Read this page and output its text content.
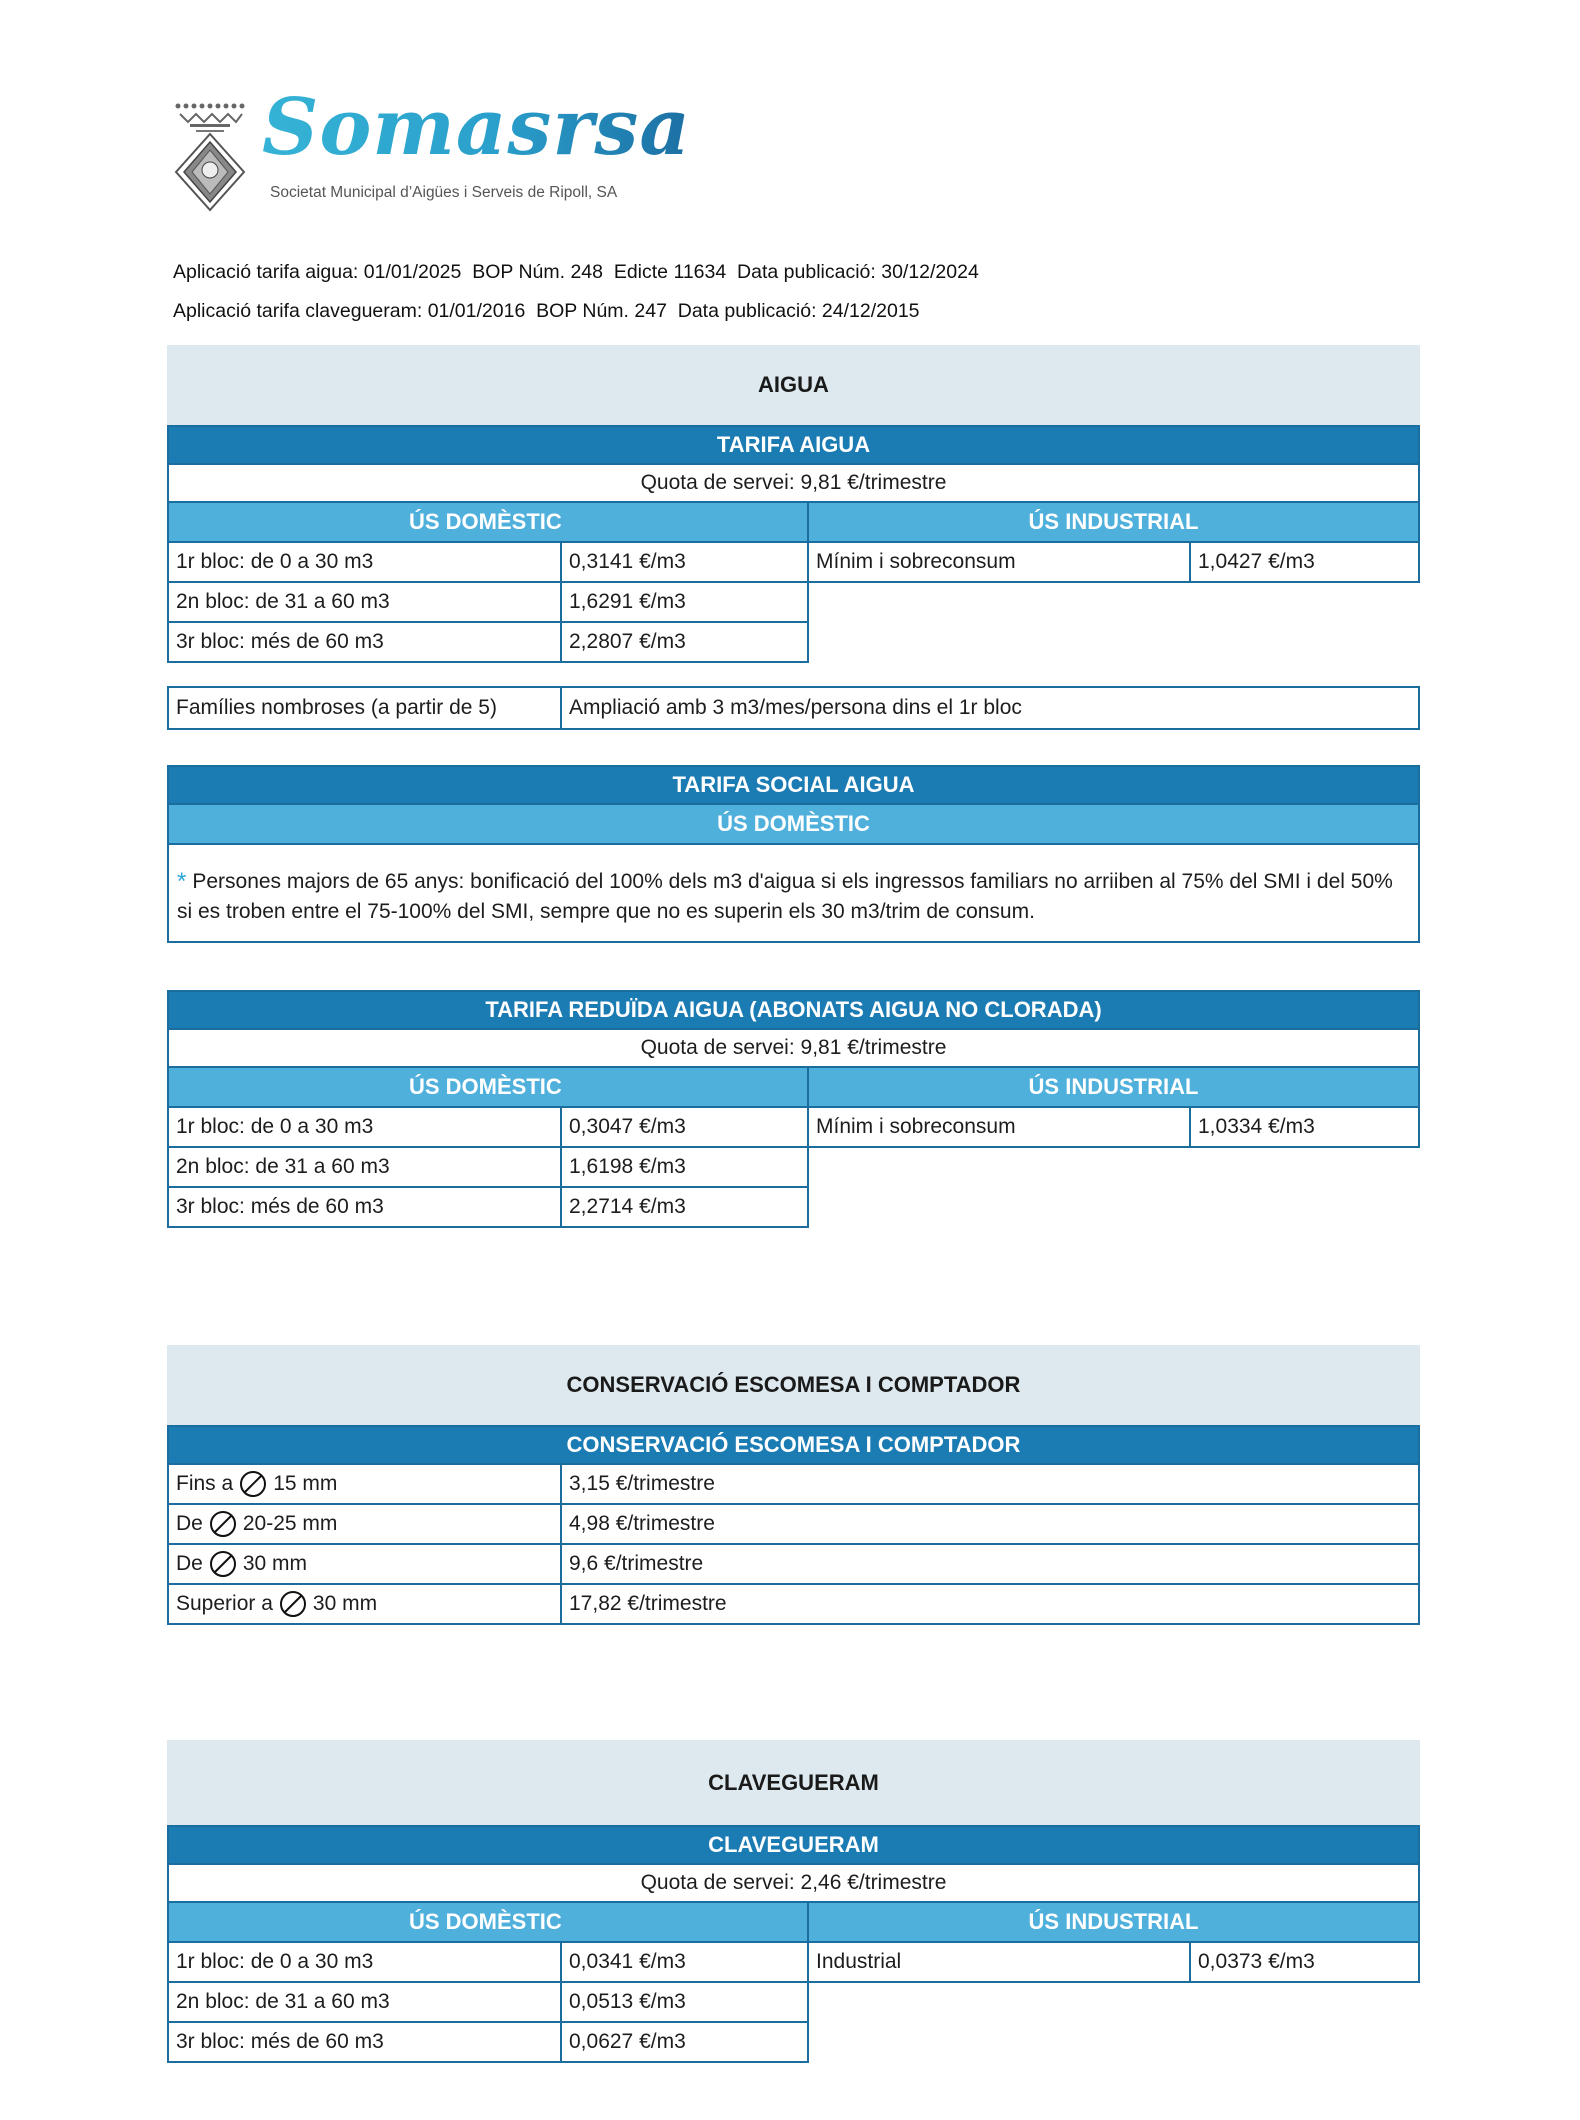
Somasrsa
Societat Municipal d’Aigües i Serveis de Ripoll, SA
Aplicació tarifa aigua: 01/01/2025  BOP Núm. 248  Edicte 11634  Data publicació: 30/12/2024
Aplicació tarifa clavegueram: 01/01/2016  BOP Núm. 247  Data publicació: 24/12/2015
AIGUA
TARIFA AIGUA
Quota de servei: 9,81 €/trimestre
ÚS DOMÈSTIC
1r bloc: de 0 a 30 m3	0,3141 €/m3
2n bloc: de 31 a 60 m3	1,6291 €/m3
3r bloc: més de 60 m3	2,2807 €/m3
ÚS INDUSTRIAL
Mínim i sobreconsum	1,0427 €/m3
Famílies nombroses (a partir de 5)	Ampliació amb 3 m3/mes/persona dins el 1r bloc
TARIFA SOCIAL AIGUA
ÚS DOMÈSTIC
* Persones majors de 65 anys: bonificació del 100% dels m3 d'aigua si els ingressos familiars no arriiben al 75% del SMI i del 50% si es troben entre el 75-100% del SMI, sempre que no es superin els 30 m3/trim de consum.
TARIFA REDUÏDA AIGUA (ABONATS AIGUA NO CLORADA)
Quota de servei: 9,81 €/trimestre
ÚS DOMÈSTIC
1r bloc: de 0 a 30 m3	0,3047 €/m3
2n bloc: de 31 a 60 m3	1,6198 €/m3
3r bloc: més de 60 m3	2,2714 €/m3
ÚS INDUSTRIAL
Mínim i sobreconsum	1,0334 €/m3
CONSERVACIÓ ESCOMESA I COMPTADOR
CONSERVACIÓ ESCOMESA I COMPTADOR
Fins a 15 mm	3,15 €/trimestre
De 20-25 mm	4,98 €/trimestre
De 30 mm	9,6 €/trimestre
Superior a 30 mm	17,82 €/trimestre
CLAVEGUERAM
CLAVEGUERAM
Quota de servei: 2,46 €/trimestre
ÚS DOMÈSTIC
1r bloc: de 0 a 30 m3	0,0341 €/m3
2n bloc: de 31 a 60 m3	0,0513 €/m3
3r bloc: més de 60 m3	0,0627 €/m3
ÚS INDUSTRIAL
Industrial	0,0373 €/m3
